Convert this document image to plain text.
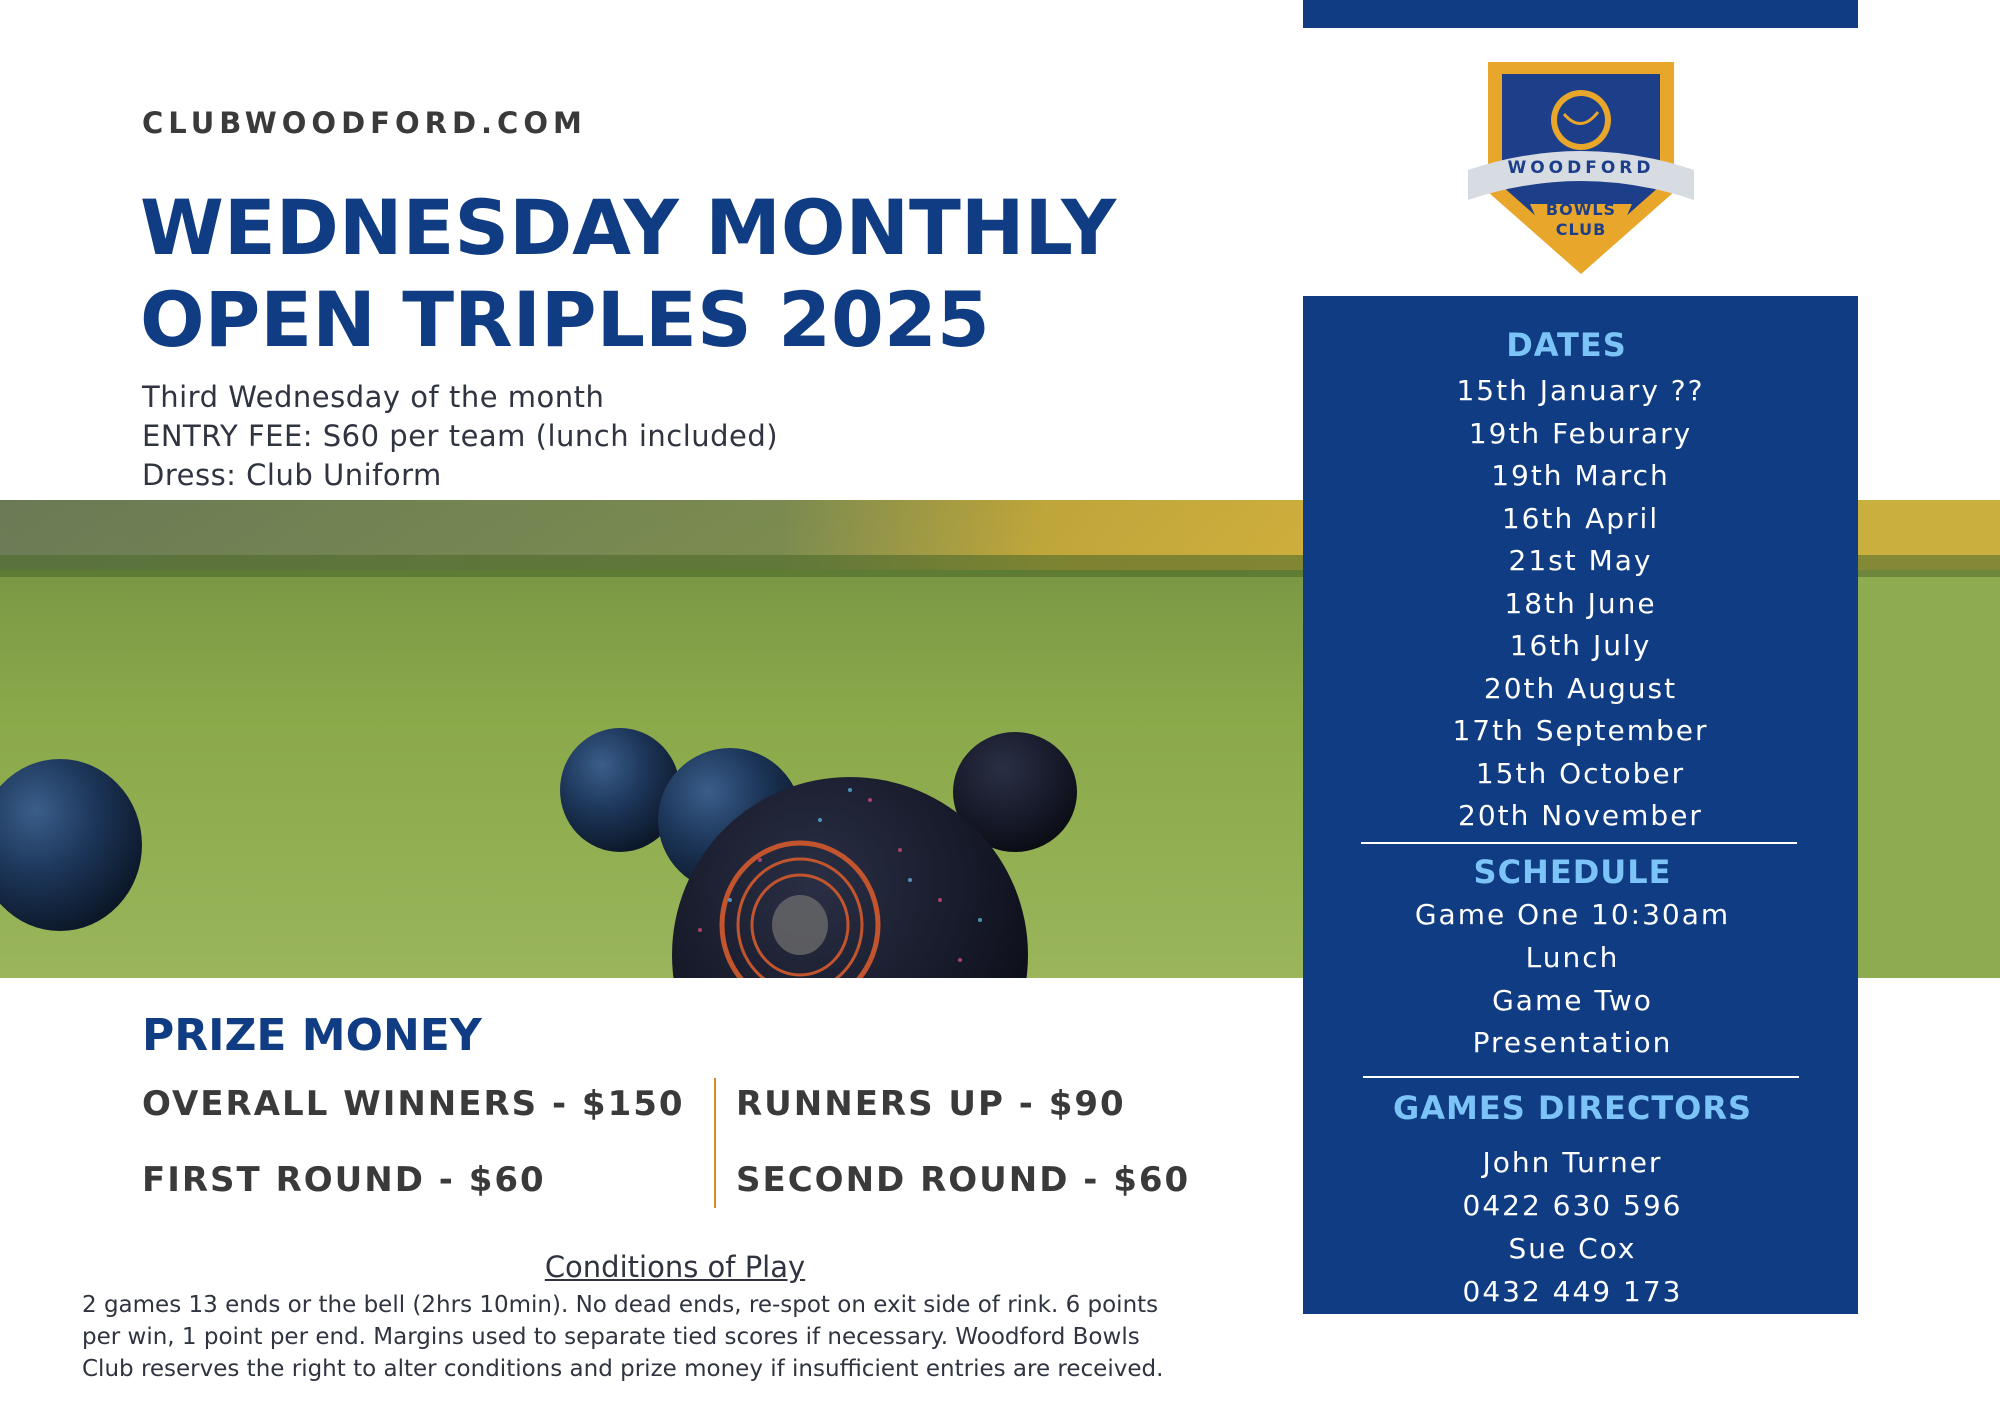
CLUBWOODFORD.COM
WEDNESDAY MONTHLY
OPEN TRIPLES 2025
Third Wednesday of the month
ENTRY FEE: S60 per team (lunch included)
Dress: Club Uniform
WOODFORD
BOWLS
CLUB
DATES
15th January ??
19th Feburary
19th March
16th April
21st May
18th June
16th July
20th August
17th September
15th October
20th November
SCHEDULE
Game One 10:30am
Lunch
Game Two
Presentation
GAMES DIRECTORS
John Turner
0422 630 596
Sue Cox
0432 449 173
PRIZE MONEY
OVERALL WINNERS - $150 RUNNERS UP - $90
FIRST ROUND - $60	SECOND ROUND - $60
Conditions of Play
2 games 13 ends or the bell (2hrs 10min). No dead ends, re-spot on exit side of rink. 6 points
per win, 1 point per end. Margins used to separate tied scores if necessary. Woodford Bowls
Club reserves the right to alter conditions and prize money if insufficient entries are received.
